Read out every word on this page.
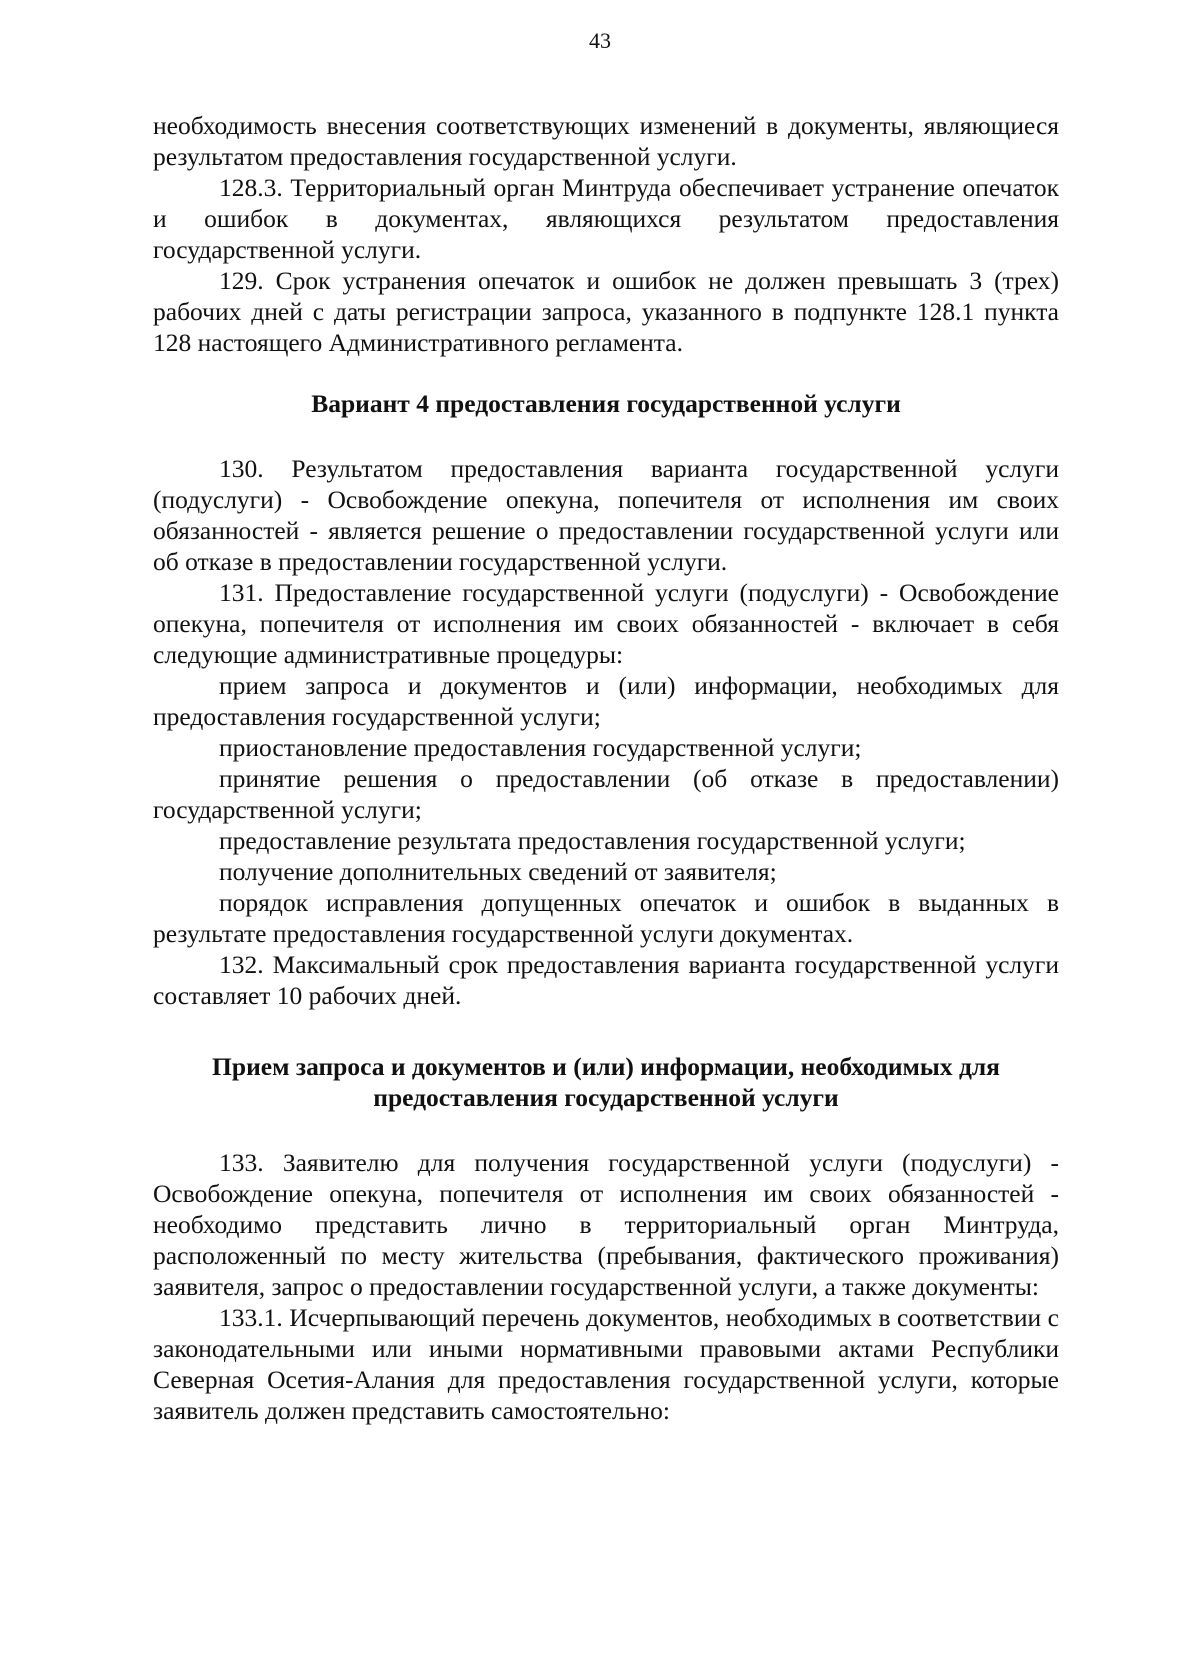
43

необходимость внесения соответствующих изменений в документы, являющиеся результатом предоставления государственной услуги.

128.3. Территориальный орган Минтруда обеспечивает устранение опечаток и ошибок в документах, являющихся результатом предоставления государственной услуги.

129. Срок устранения опечаток и ошибок не должен превышать 3 (трех) рабочих дней с даты регистрации запроса, указанного в подпункте 128.1 пункта 128 настоящего Административного регламента.

Вариант 4 предоставления государственной услуги

130. Результатом предоставления варианта государственной услуги (подуслуги) - Освобождение опекуна, попечителя от исполнения им своих обязанностей - является решение о предоставлении государственной услуги или об отказе в предоставлении государственной услуги.

131. Предоставление государственной услуги (подуслуги) - Освобождение опекуна, попечителя от исполнения им своих обязанностей - включает в себя следующие административные процедуры:

прием запроса и документов и (или) информации, необходимых для предоставления государственной услуги;

приостановление предоставления государственной услуги;

принятие решения о предоставлении (об отказе в предоставлении) государственной услуги;

предоставление результата предоставления государственной услуги;

получение дополнительных сведений от заявителя;

порядок исправления допущенных опечаток и ошибок в выданных в результате предоставления государственной услуги документах.

132. Максимальный срок предоставления варианта государственной услуги составляет 10 рабочих дней.

Прием запроса и документов и (или) информации, необходимых для предоставления государственной услуги

133. Заявителю для получения государственной услуги (подуслуги) - Освобождение опекуна, попечителя от исполнения им своих обязанностей - необходимо представить лично в территориальный орган Минтруда, расположенный по месту жительства (пребывания, фактического проживания) заявителя, запрос о предоставлении государственной услуги, а также документы:

133.1. Исчерпывающий перечень документов, необходимых в соответствии с законодательными или иными нормативными правовыми актами Республики Северная Осетия-Алания для предоставления государственной услуги, которые заявитель должен представить самостоятельно:
